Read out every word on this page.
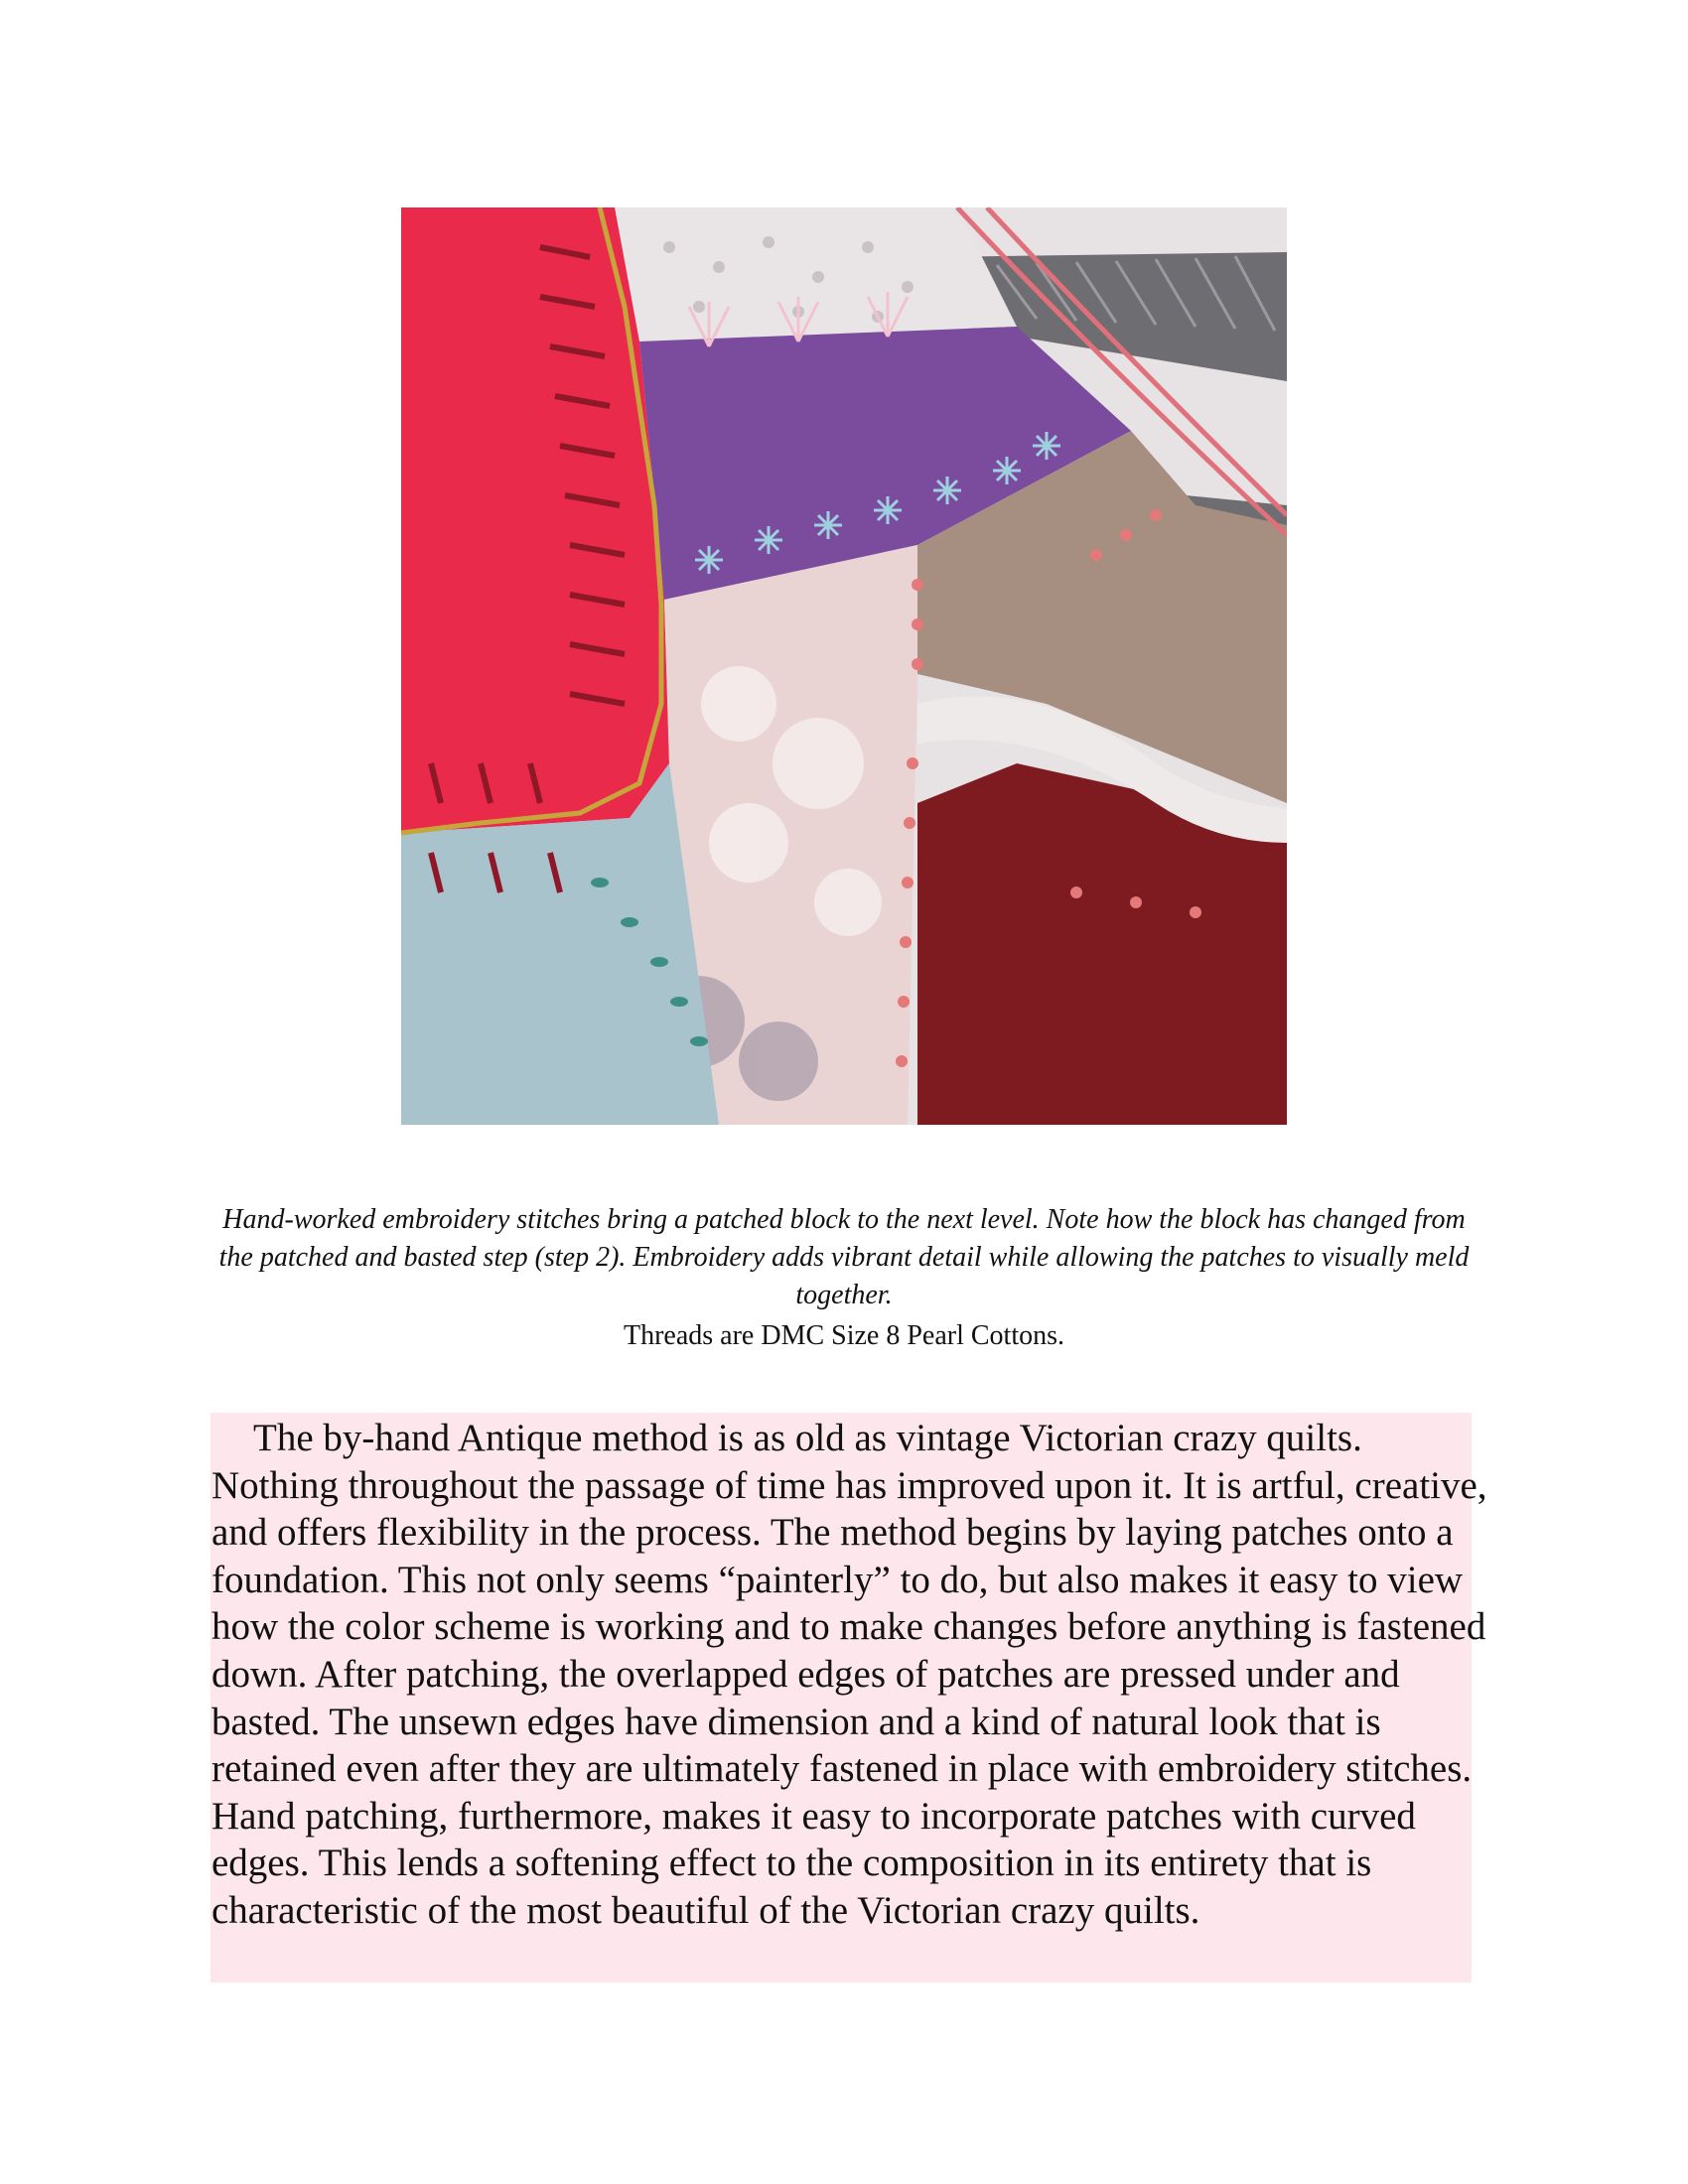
Hand-worked embroidery stitches bring a patched block to the next level. Note how the block has changed from the patched and basted step (step 2). Embroidery adds vibrant detail while allowing the patches to visually meld together.

Threads are DMC Size 8 Pearl Cottons.

The by-hand Antique method is as old as vintage Victorian crazy quilts. Nothing throughout the passage of time has improved upon it. It is artful, creative, and offers flexibility in the process. The method begins by laying patches onto a foundation. This not only seems “painterly” to do, but also makes it easy to view how the color scheme is working and to make changes before anything is fastened down. After patching, the overlapped edges of patches are pressed under and basted. The unsewn edges have dimension and a kind of natural look that is retained even after they are ultimately fastened in place with embroidery stitches. Hand patching, furthermore, makes it easy to incorporate patches with curved edges. This lends a softening effect to the composition in its entirety that is characteristic of the most beautiful of the Victorian crazy quilts.
